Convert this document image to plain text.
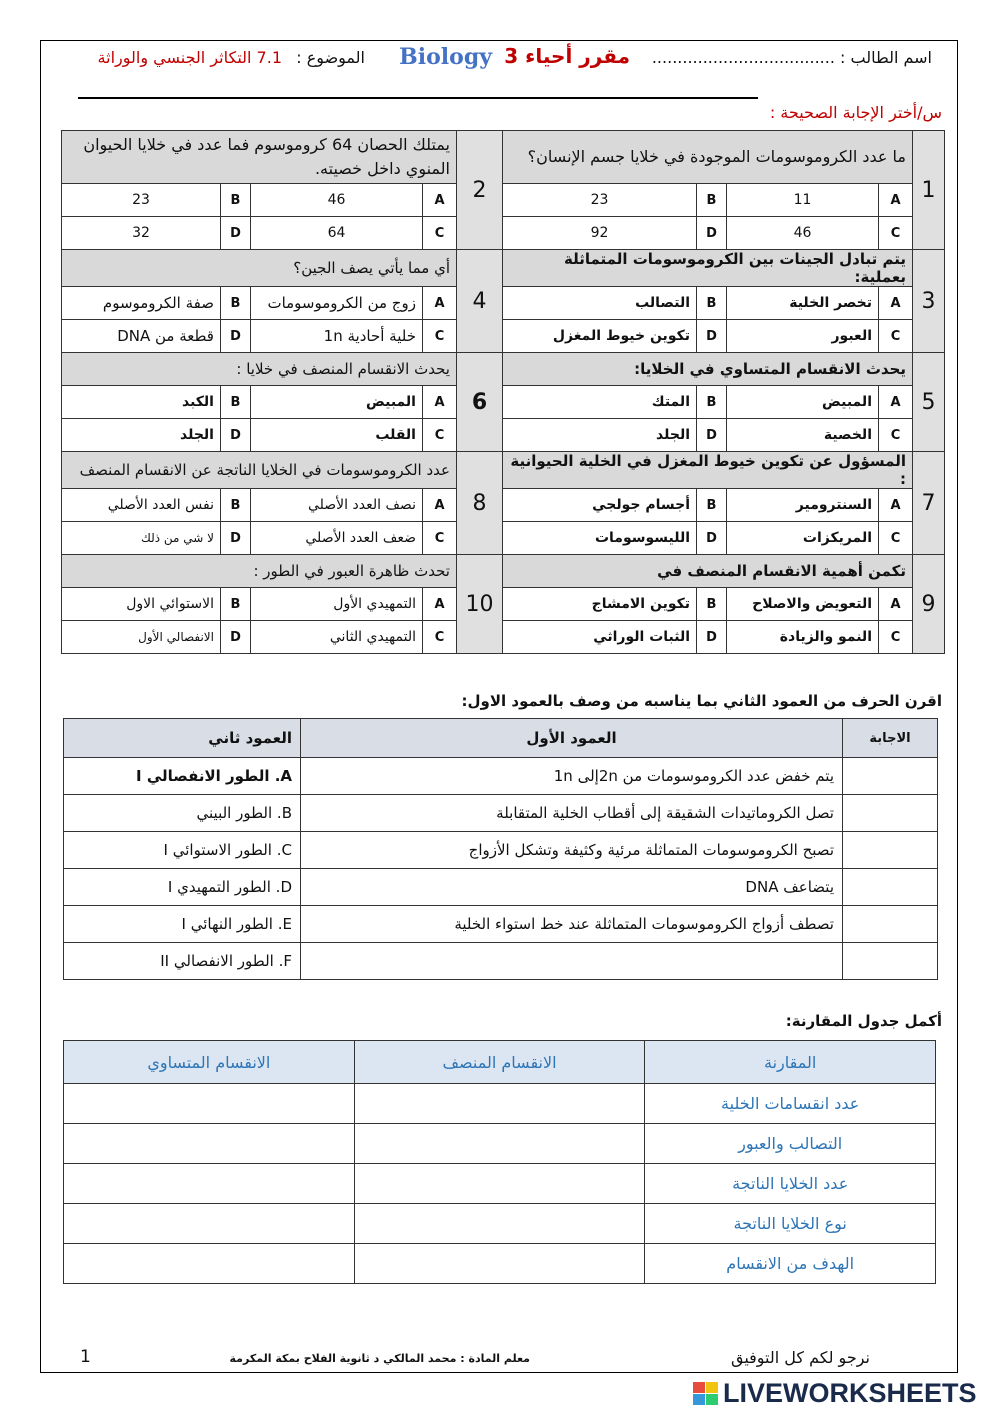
اسم الطالب : ....................................
مقرر أحياء 3
Biology
الموضوع :
7.1 التكاثر الجنسي والوراثة
س/أختر الإجابة الصحيحة :
1	ما عدد الكروموسومات الموجودة في خلايا جسم الإنسان؟				2	يمتلك الحصان 64 كروموسوم فما عدد في خلايا الحيوان المنوي داخل خصيته.			
	A	11	B	23		A	46	B	23
	C	46	D	92		C	64	D	32
3	يتم تبادل الجينات بين الكروموسومات المتماثلة بعملية:				4	أي مما يأتي يصف الجين؟			
	A	تخصر الخلية	B	التصالب		A	زوج من الكروموسومات	B	صفة الكروموسوم
	C	العبور	D	تكوين خيوط المغزل		C	خلية أحادية 1n	D	قطعة من DNA
5	يحدث الانقسام المتساوي في الخلايا:				6	يحدث الانقسام المنصف في خلايا :			
	A	المبيض	B	المتك		A	المبيض	B	الكبد
	C	الخصية	D	الجلد		C	القلب	D	الجلد
7	المسؤول عن تكوين خيوط المغزل في الخلية الحيوانية :				8	عدد الكروموسومات في الخلايا الناتجة عن الانقسام المنصف			
	A	السنترومير	B	أجسام جولجي		A	نصف العدد الأصلي	B	نفس العدد الأصلي
	C	المريكزات	D	الليسوسومات		C	ضعف العدد الأصلي	D	لا شي من ذلك
9	تكمن أهمية الانقسام المنصف في				10	تحدث ظاهرة العبور في الطور :			
	A	التعويض والاصلاح	B	تكوين الامشاج		A	التمهيدي الأول	B	الاستوائي الاول
	C	النمو والزيادة	D	الثبات الوراثي		C	التمهيدي الثاني	D	الانفصالي الأول
اقرن الحرف من العمود الثاني بما يناسبه من وصف بالعمود الاول:
الاجابة	العمود الأول	العمود ثاني
	يتم خفض عدد الكروموسومات من 2nإلى 1n	A. الطور الانفصالي I
	تصل الكروماتيدات الشقيقة إلى أقطاب الخلية المتقابلة	B. الطور البيني
	تصبح الكروموسومات المتماثلة مرئية وكثيفة وتشكل الأزواج	C. الطور الاستوائي I
	يتضاعف DNA	D. الطور التمهيدي I
	تصطف أزواج الكروموسومات المتماثلة عند خط استواء الخلية	E. الطور النهائي I
		F. الطور الانفصالي II
أكمل جدول المقارنة:
المقارنة	الانقسام المنصف	الانقسام المتساوي
عدد انقسامات الخلية		
التصالب والعبور		
عدد الخلايا الناتجة		
نوع الخلايا الناتجة		
الهدف من الانقسام		
نرجو لكم كل التوفيق
معلم المادة : محمد المالكي د ثانوية الفلاح بمكة المكرمة
1
LIVEWORKSHEETS
